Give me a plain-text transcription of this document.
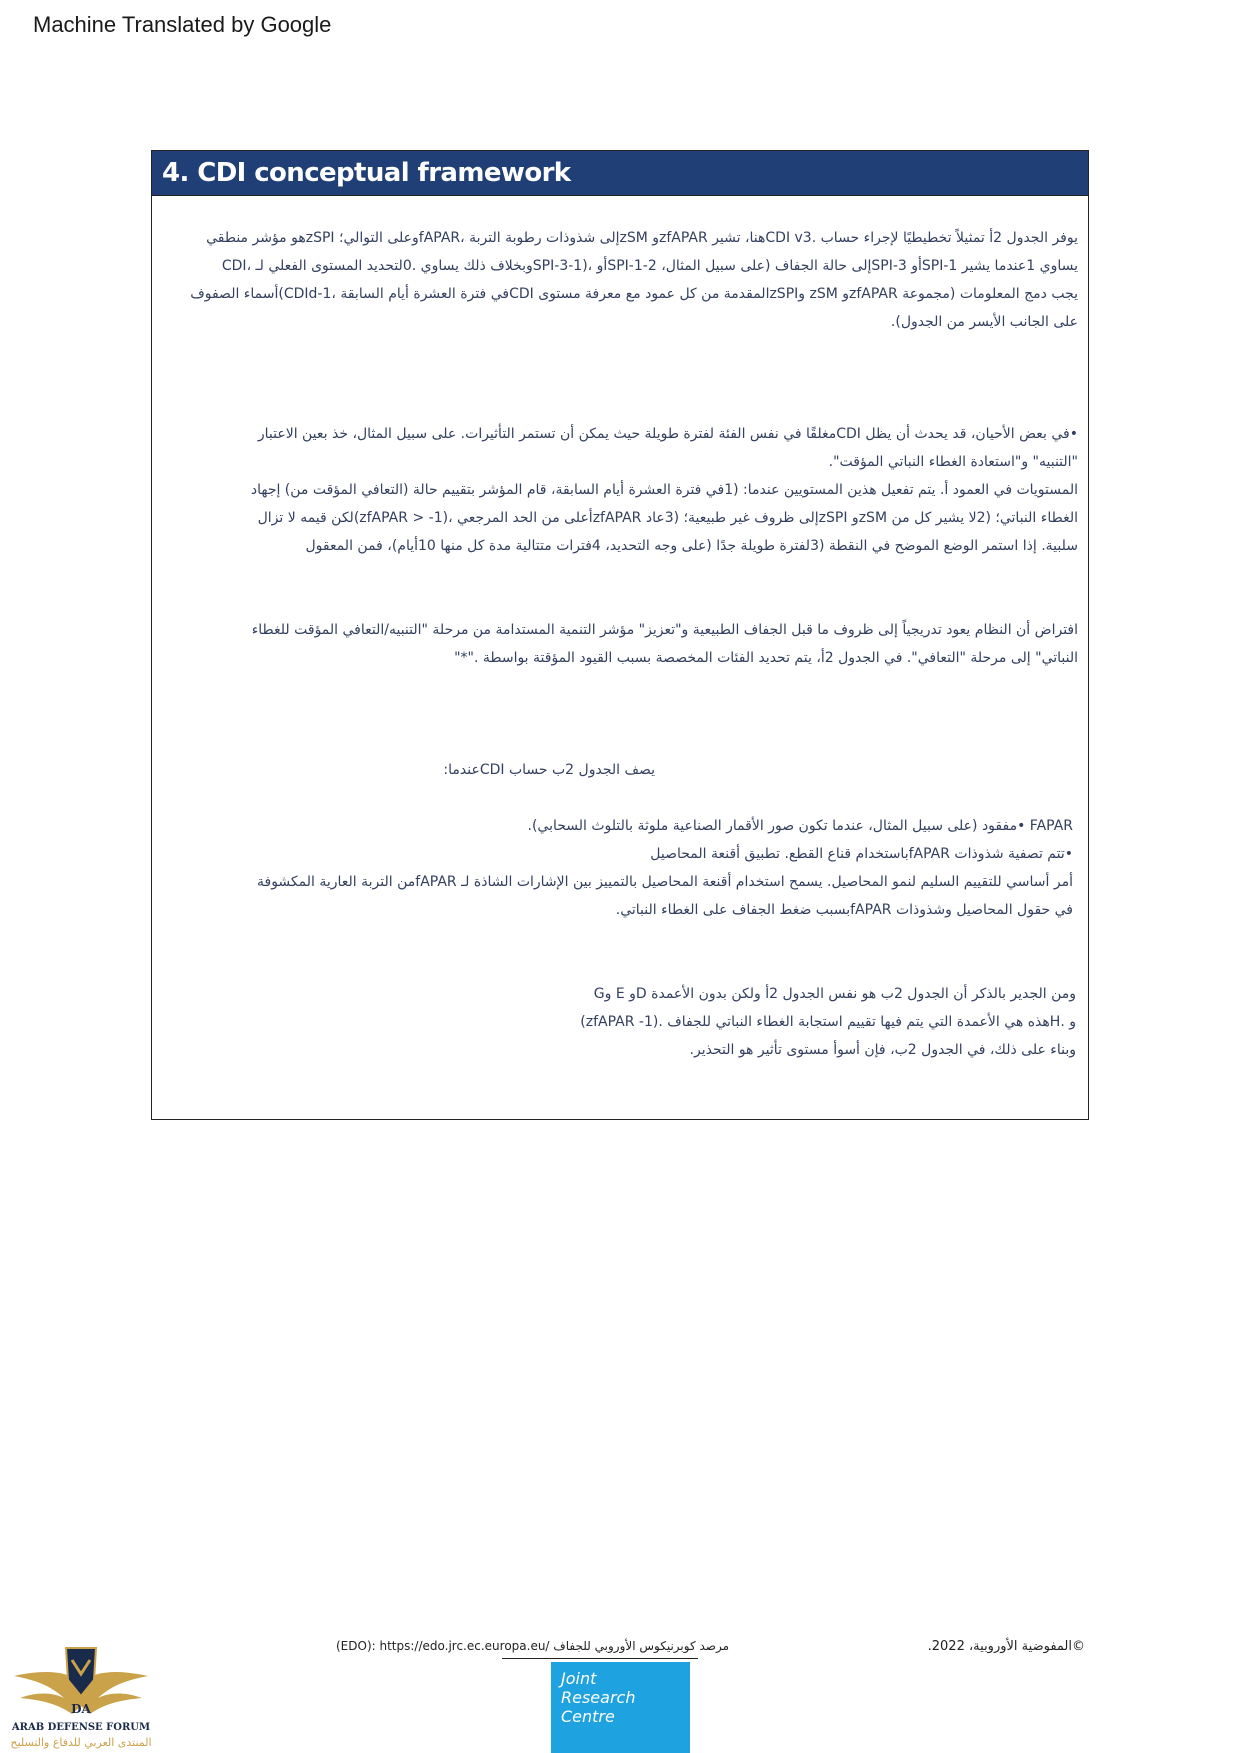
Machine Translated by Google
4. CDI conceptual framework
يوفر الجدول 2أ تمثيلاً تخطيطيًا لإجراء حساب .CDI v3هنا، تشير zfAPARو zSMإلى شذوذات رطوبة التربة ،fAPARوعلى التوالي؛ zSPIهو مؤشر منطقي
يساوي 1عندما يشير SPI-1أو SPI-3إلى حالة الجفاف (على سبيل المثال، 2-1-SPIأو ،(1-3-SPIوبخلاف ذلك يساوي .0لتحديد المستوى الفعلي لـ ،CDI
يجب دمج المعلومات (مجموعة zfAPARو zSM وzSPIالمقدمة من كل عمود مع معرفة مستوى CDIفي فترة العشرة أيام السابقة ،CDId-1)أسماء الصفوف
على الجانب الأيسر من الجدول).
•في بعض الأحيان، قد يحدث أن يظل CDIمغلقًا في نفس الفئة لفترة طويلة حيث يمكن أن تستمر التأثيرات. على سبيل المثال، خذ بعين الاعتبار
"التنبيه" و"استعادة الغطاء النباتي المؤقت".
المستويات في العمود أ. يتم تفعيل هذين المستويين عندما: (1في فترة العشرة أيام السابقة، قام المؤشر بتقييم حالة (التعافي المؤقت من) إجهاد
الغطاء النباتي؛ (2لا يشير كل من zSMو zSPIإلى ظروف غير طبيعية؛ (3عاد zfAPARأعلى من الحد المرجعي ،(1- < zfAPAR)لكن قيمه لا تزال
سلبية. إذا استمر الوضع الموضح في النقطة (3لفترة طويلة جدًا (على وجه التحديد، 4فترات متتالية مدة كل منها 10أيام)، فمن المعقول
افتراض أن النظام يعود تدريجياً إلى ظروف ما قبل الجفاف الطبيعية و"تعزيز" مؤشر التنمية المستدامة من مرحلة "التنبيه/التعافي المؤقت للغطاء
النباتي" إلى مرحلة "التعافي". في الجدول 2أ، يتم تحديد الفئات المخصصة بسبب القيود المؤقتة بواسطة ."*"
يصف الجدول 2ب حساب CDIعندما:
FAPAR •مفقود (على سبيل المثال، عندما تكون صور الأقمار الصناعية ملوثة بالتلوث السحابي).
•تتم تصفية شذوذات fAPARباستخدام قناع القطع. تطبيق أقنعة المحاصيل
أمر أساسي للتقييم السليم لنمو المحاصيل. يسمح استخدام أقنعة المحاصيل بالتمييز بين الإشارات الشاذة لـ fAPARمن التربة العارية المكشوفة
في حقول المحاصيل وشذوذات fAPARبسبب ضغط الجفاف على الغطاء النباتي.
ومن الجدير بالذكر أن الجدول 2ب هو نفس الجدول 2أ ولكن بدون الأعمدة Dو E وG
و .Hهذه هي الأعمدة التي يتم فيها تقييم استجابة الغطاء النباتي للجفاف .(1- zfAPAR)
وبناء على ذلك، في الجدول 2ب، فإن أسوأ مستوى تأثير هو التحذير.
©المفوضية الأوروبية، 2022.
(EDO): https://edo.jrc.ec.europa.eu/ مرصد كوبرنيكوس الأوروبي للجفاف
Joint
Research
Centre
DA
ARAB DEFENSE FORUM
المنتدى العربي للدفاع والتسليح
